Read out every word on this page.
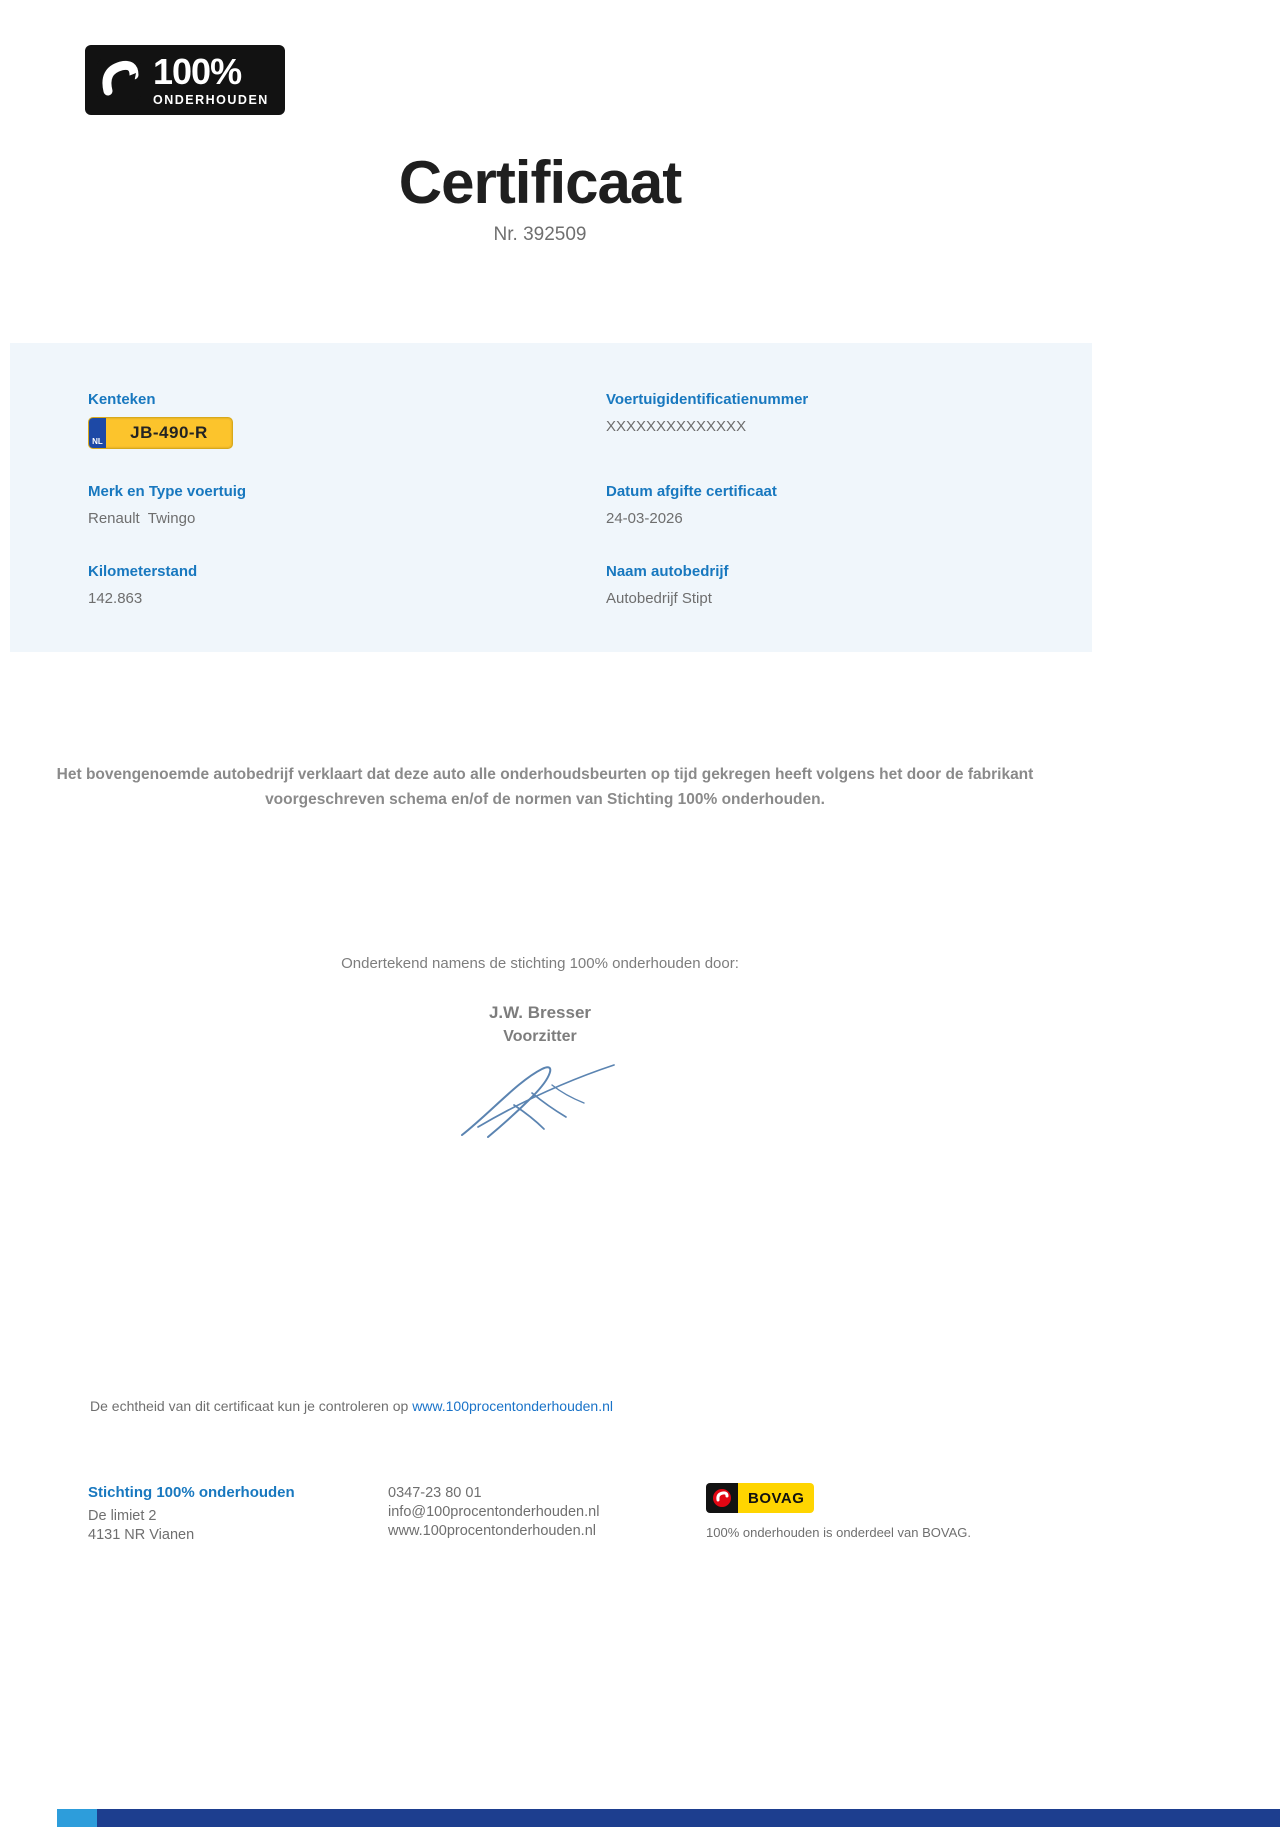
100%
ONDERHOUDEN
Certificaat
Nr. 392509
Kenteken
NL	JB-490-R
Merk en Type voertuig
Renault  Twingo
Kilometerstand
142.863
Voertuigidentificatienummer
XXXXXXXXXXXXXX
Datum afgifte certificaat
24-03-2026
Naam autobedrijf
Autobedrijf Stipt

Het bovengenoemde autobedrijf verklaart dat deze auto alle onderhoudsbeurten op tijd gekregen heeft volgens het door de fabrikant voorgeschreven schema en/of de normen van Stichting 100% onderhouden.

Ondertekend namens de stichting 100% onderhouden door:

J.W. Bresser
Voorzitter

De echtheid van dit certificaat kun je controleren op www.100procentonderhouden.nl

Stichting 100% onderhouden
De limiet 2
4131 NR Vianen
0347-23 80 01
info@100procentonderhouden.nl
www.100procentonderhouden.nl
BOVAG
100% onderhouden is onderdeel van BOVAG.
